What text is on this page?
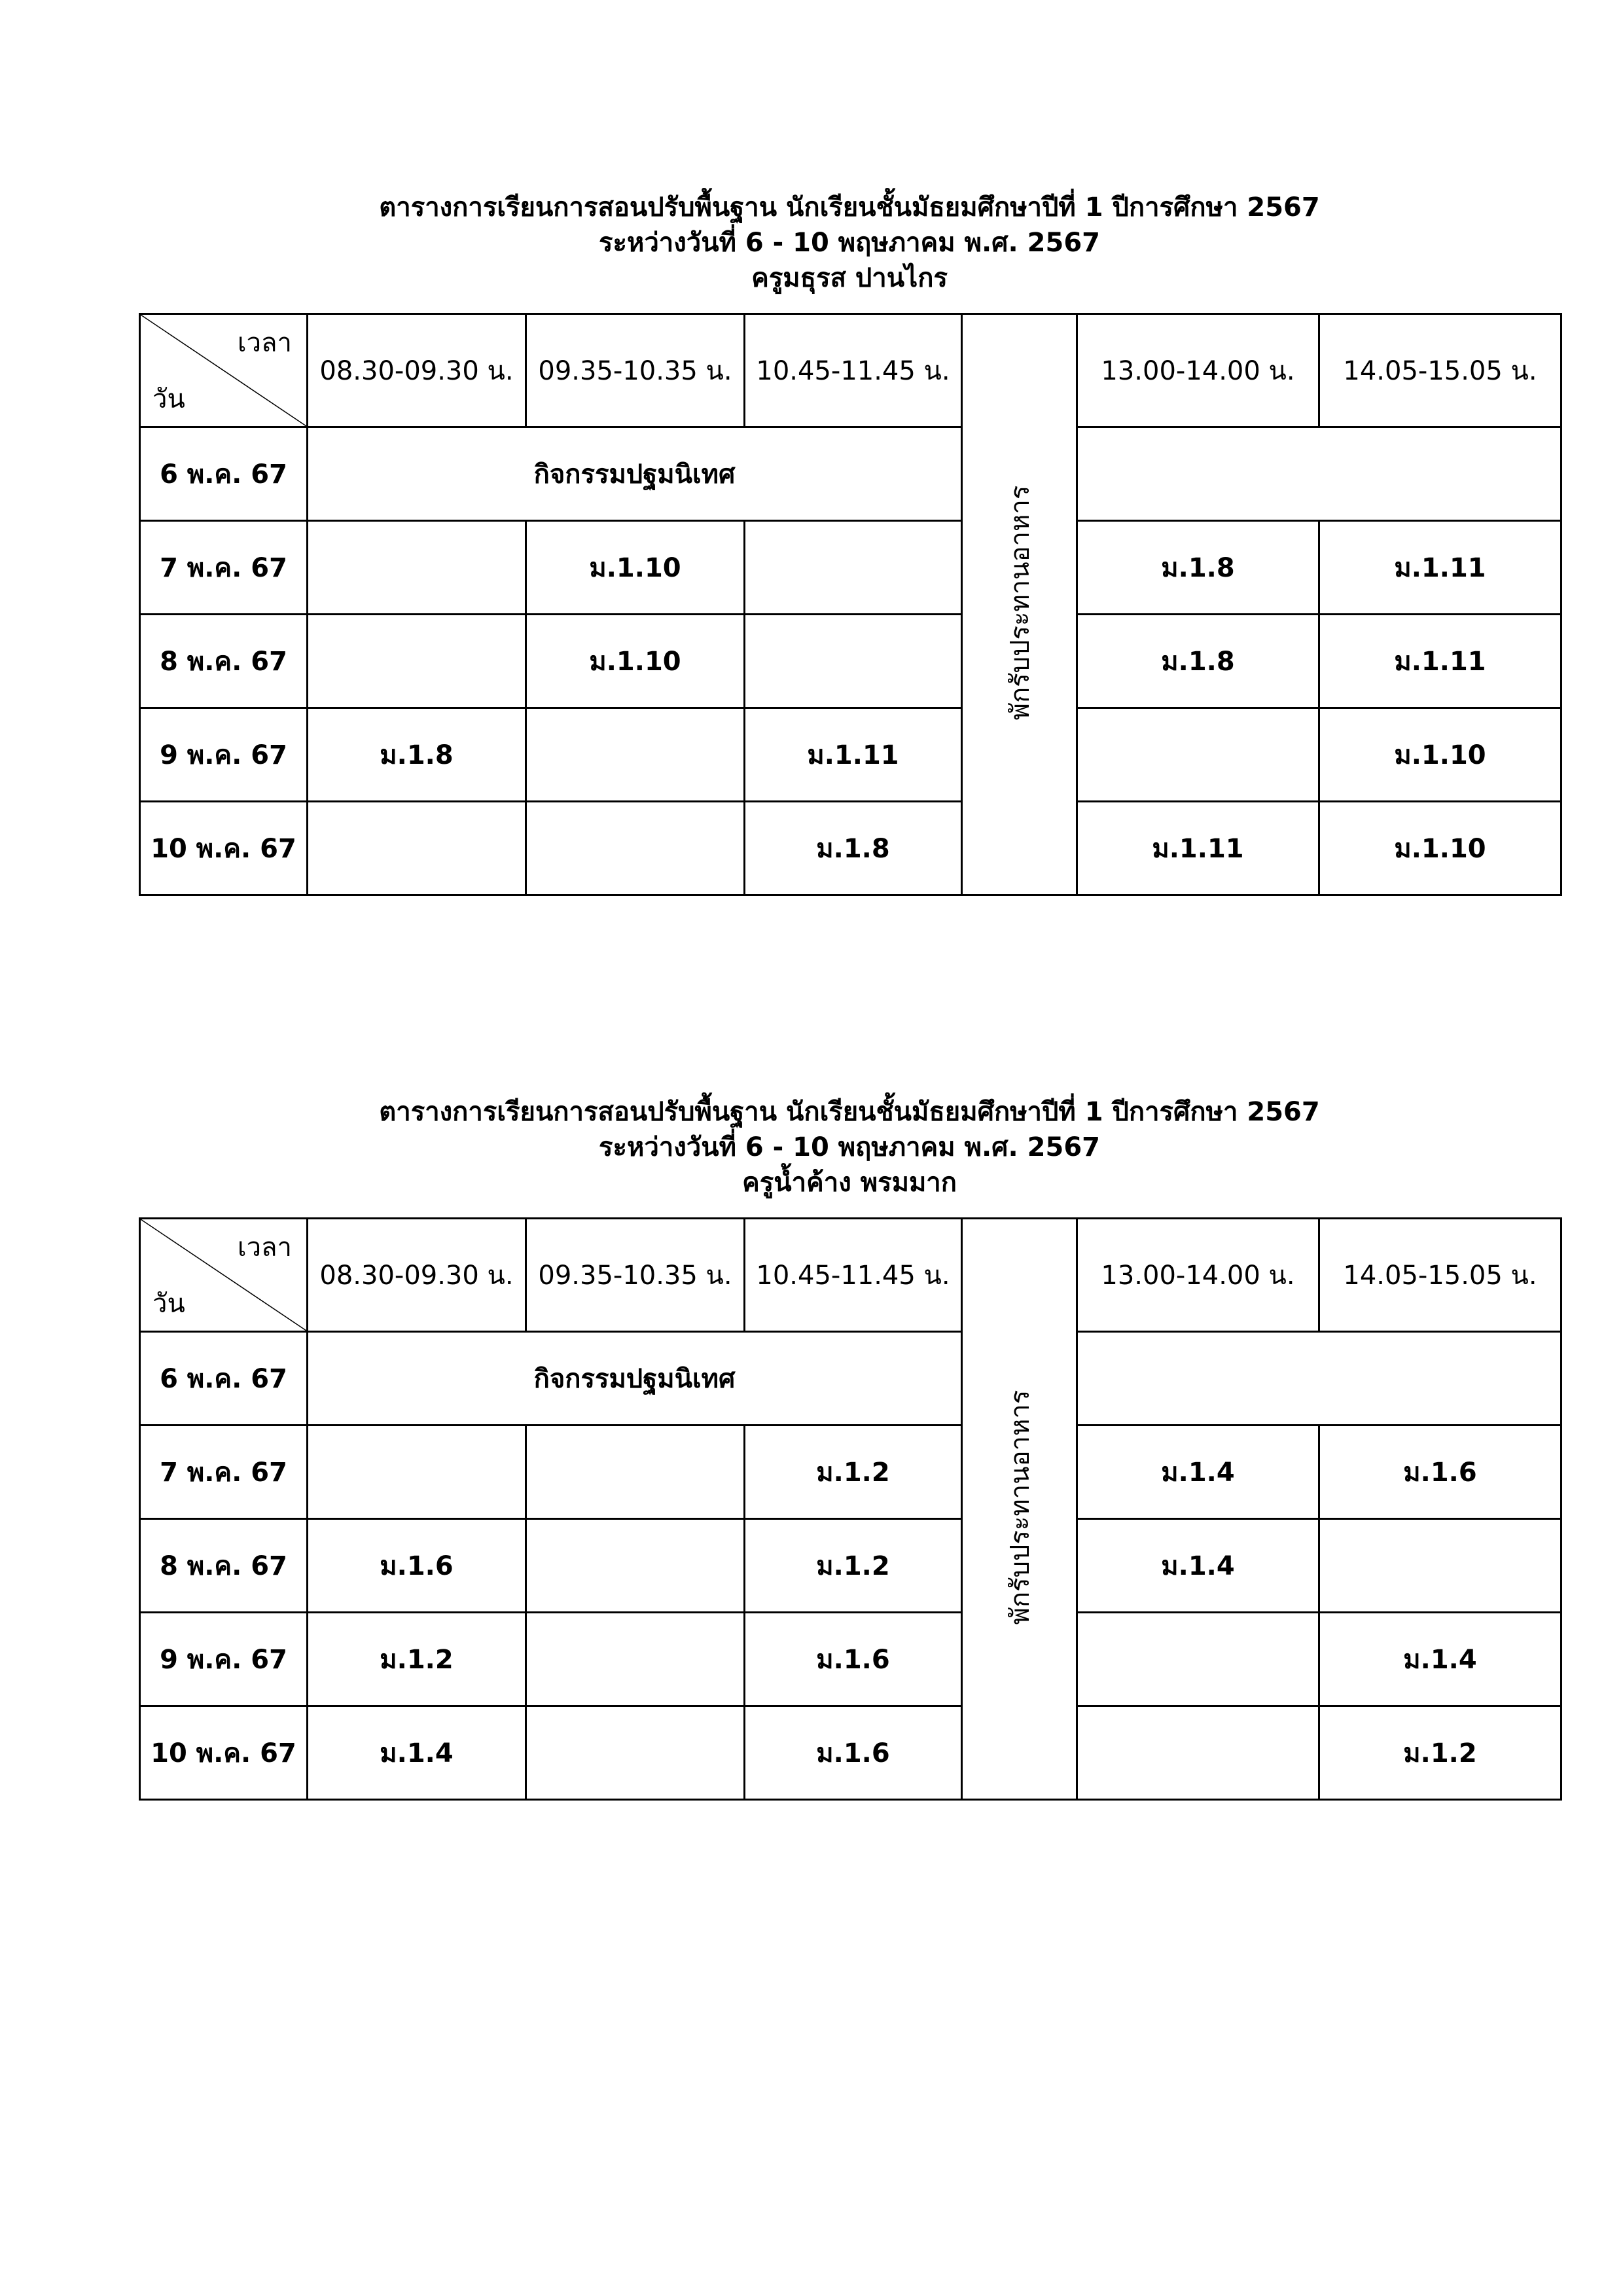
ตารางการเรียนการสอนปรับพื้นฐาน นักเรียนชั้นมัธยมศึกษาปีที่ 1 ปีการศึกษา 2567
ระหว่างวันที่ 6 - 10 พฤษภาคม พ.ศ. 2567
ครูมธุรส ปานไกร
เวลา
วัน	08.30-09.30 น.	09.35-10.35 น.	10.45-11.45 น.	พักรับประทานอาหาร	13.00-14.00 น.	14.05-15.05 น.
6 พ.ค. 67	กิจกรรมปฐมนิเทศ					
7 พ.ค. 67		ม.1.10			ม.1.8	ม.1.11
8 พ.ค. 67		ม.1.10			ม.1.8	ม.1.11
9 พ.ค. 67	ม.1.8		ม.1.11			ม.1.10
10 พ.ค. 67			ม.1.8		ม.1.11	ม.1.10
ตารางการเรียนการสอนปรับพื้นฐาน นักเรียนชั้นมัธยมศึกษาปีที่ 1 ปีการศึกษา 2567
ระหว่างวันที่ 6 - 10 พฤษภาคม พ.ศ. 2567
ครูน้ำค้าง พรมมาก
เวลา
วัน	08.30-09.30 น.	09.35-10.35 น.	10.45-11.45 น.	พักรับประทานอาหาร	13.00-14.00 น.	14.05-15.05 น.
6 พ.ค. 67	กิจกรรมปฐมนิเทศ					
7 พ.ค. 67			ม.1.2		ม.1.4	ม.1.6
8 พ.ค. 67	ม.1.6		ม.1.2		ม.1.4	
9 พ.ค. 67	ม.1.2		ม.1.6			ม.1.4
10 พ.ค. 67	ม.1.4		ม.1.6			ม.1.2
